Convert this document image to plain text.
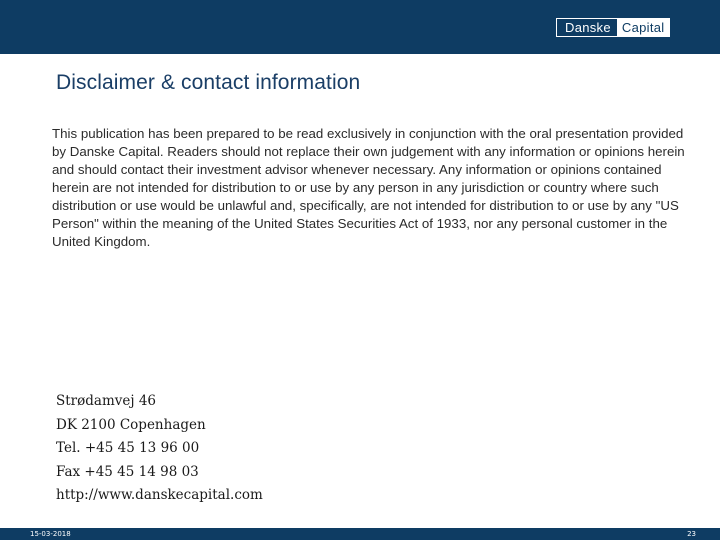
Danske Capital
Disclaimer & contact information

This publication has been prepared to be read exclusively in conjunction with the oral presentation provided by Danske Capital. Readers should not replace their own judgement with any information or opinions herein and should contact their investment advisor whenever necessary. Any information or opinions contained herein are not intended for distribution to or use by any person in any jurisdiction or country where such distribution or use would be unlawful and, specifically, are not intended for distribution to or use by any "US Person" within the meaning of the United States Securities Act of 1933, nor any personal customer in the United Kingdom.

Strødamvej 46
DK 2100 Copenhagen
Tel. +45 45 13 96 00
Fax +45 45 14 98 03
http://www.danskecapital.com
15-03-2018	23
